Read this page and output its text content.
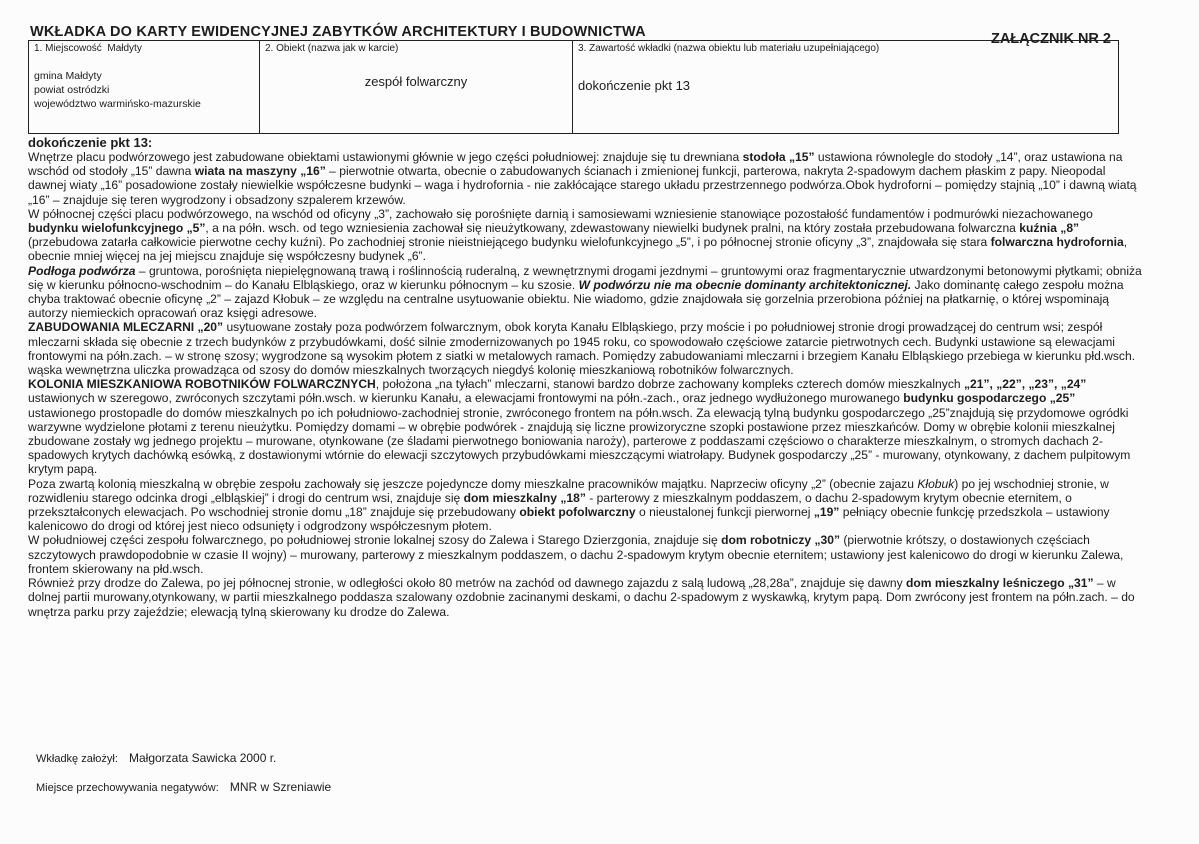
WKŁADKA DO KARTY EWIDENCYJNEJ ZABYTKÓW ARCHITEKTURY I BUDOWNICTWA	ZAŁĄCZNIK NR 2
1. Miejscowość Małdyty
gmina Małdyty
powiat ostródzki
województwo warmińsko-mazurskie
2. Obiekt (nazwa jak w karcie)
zespół folwarczny
3. Zawartość wkładki (nazwa obiektu lub materiału uzupełniającego)
dokończenie pkt 13
dokończenie pkt 13:

Wnętrze placu podwórzowego jest zabudowane obiektami ustawionymi głównie w jego części południowej: znajduje się tu drewniana stodoła „15” ustawiona równolegle do stodoły „14”, oraz ustawiona na wschód od stodoły „15” dawna wiata na maszyny „16” – pierwotnie otwarta, obecnie o zabudowanych ścianach i zmienionej funkcji, parterowa, nakryta 2-spadowym dachem płaskim z papy. Nieopodal dawnej wiaty „16” posadowione zostały niewielkie współczesne budynki – waga i hydrofornia - nie zakłócające starego układu przestrzennego podwórza.Obok hydroforni – pomiędzy stajnią „10” i dawną wiatą „16” – znajduje się teren wygrodzony i obsadzony szpalerem krzewów.

W północnej części placu podwórzowego, na wschód od oficyny „3”, zachowało się porośnięte darnią i samosiewami wzniesienie stanowiące pozostałość fundamentów i podmurówki niezachowanego budynku wielofunkcyjnego „5”, a na półn. wsch. od tego wzniesienia zachował się nieużytkowany, zdewastowany niewielki budynek pralni, na który została przebudowana folwarczna kuźnia „8” (przebudowa zatarła całkowicie pierwotne cechy kuźni). Po zachodniej stronie nieistniejącego budynku wielofunkcyjnego „5”, i po północnej stronie oficyny „3”, znajdowała się stara folwarczna hydrofornia, obecnie mniej więcej na jej miejscu znajduje się współczesny budynek „6”.

Podłoga podwórza – gruntowa, porośnięta niepielęgnowaną trawą i roślinnością ruderalną, z wewnętrznymi drogami jezdnymi – gruntowymi oraz fragmentarycznie utwardzonymi betonowymi płytkami; obniża się w kierunku północno-wschodnim – do Kanału Elbląskiego, oraz w kierunku północnym – ku szosie. W podwórzu nie ma obecnie dominanty architektonicznej. Jako dominantę całego zespołu można chyba traktować obecnie oficynę „2” – zajazd Kłobuk – ze względu na centralne usytuowanie obiektu. Nie wiadomo, gdzie znajdowała się gorzelnia przerobiona później na płatkarnię, o której wspominają autorzy niemieckich opracowań oraz księgi adresowe.

ZABUDOWANIA MLECZARNI „20” usytuowane zostały poza podwórzem folwarcznym, obok koryta Kanału Elbląskiego, przy moście i po południowej stronie drogi prowadzącej do centrum wsi; zespół mleczarni składa się obecnie z trzech budynków z przybudówkami, dość silnie zmodernizowanych po 1945 roku, co spowodowało częściowe zatarcie pietrwotnych cech. Budynki ustawione są elewacjami frontowymi na półn.zach. – w stronę szosy; wygrodzone są wysokim płotem z siatki w metalowych ramach. Pomiędzy zabudowaniami mleczarni i brzegiem Kanału Elbląskiego przebiega w kierunku płd.wsch. wąska wewnętrzna uliczka prowadząca od szosy do domów mieszkalnych tworzących niegdyś kolonię mieszkaniową robotników folwarcznych.

KOLONIA MIESZKANIOWA ROBOTNIKÓW FOLWARCZNYCH, położona „na tyłach” mleczarni, stanowi bardzo dobrze zachowany kompleks czterech domów mieszkalnych „21”, „22”, „23”, „24” ustawionych w szeregowo, zwróconych szczytami półn.wsch. w kierunku Kanału, a elewacjami frontowymi na półn.-zach., oraz jednego wydłużonego murowanego budynku gospodarczego „25” ustawionego prostopadle do domów mieszkalnych po ich południowo-zachodniej stronie, zwróconego frontem na półn.wsch. Za elewacją tylną budynku gospodarczego „25”znajdują się przydomowe ogródki warzywne wydzielone płotami z terenu nieużytku. Pomiędzy domami – w obrębie podwórek - znajdują się liczne prowizoryczne szopki postawione przez mieszkańców. Domy w obrębie kolonii mieszkalnej zbudowane zostały wg jednego projektu – murowane, otynkowane (ze śladami pierwotnego boniowania naroży), parterowe z poddaszami częściowo o charakterze mieszkalnym, o stromych dachach 2-spadowych krytych dachówką esówką, z dostawionymi wtórnie do elewacji szczytowych przybudówkami mieszczącymi wiatrołapy. Budynek gospodarczy „25” - murowany, otynkowany, z dachem pulpitowym krytym papą.

Poza zwartą kolonią mieszkalną w obrębie zespołu zachowały się jeszcze pojedyncze domy mieszkalne pracowników majątku. Naprzeciw oficyny „2” (obecnie zajazu Kłobuk) po jej wschodniej stronie, w rozwidleniu starego odcinka drogi „elbląskiej” i drogi do centrum wsi, znajduje się dom mieszkalny „18” - parterowy z mieszkalnym poddaszem, o dachu 2-spadowym krytym obecnie eternitem, o przekształconych elewacjach. Po wschodniej stronie domu „18” znajduje się przebudowany obiekt pofolwarczny o nieustalonej funkcji pierwornej „19” pełniący obecnie funkcję przedszkola – ustawiony kalenicowo do drogi od której jest nieco odsunięty i odgrodzony współczesnym płotem.

W południowej części zespołu folwarcznego, po południowej stronie lokalnej szosy do Zalewa i Starego Dzierzgonia, znajduje się dom robotniczy „30” (pierwotnie krótszy, o dostawionych częściach szczytowych prawdopodobnie w czasie II wojny) – murowany, parterowy z mieszkalnym poddaszem, o dachu 2-spadowym krytym obecnie eternitem; ustawiony jest kalenicowo do drogi w kierunku Zalewa, frontem skierowany na płd.wsch.

Również przy drodze do Zalewa, po jej północnej stronie, w odległości około 80 metrów na zachód od dawnego zajazdu z salą ludową „28,28a”, znajduje się dawny dom mieszkalny leśniczego „31” – w dolnej partii murowany,otynkowany, w partii mieszkalnego poddasza szalowany ozdobnie zacinanymi deskami, o dachu 2-spadowym z wyskawką, krytym papą. Dom zwrócony jest frontem na półn.zach. – do wnętrza parku przy zajeździe; elewacją tylną skierowany ku drodze do Zalewa.

Wkładkę założył: Małgorzata Sawicka 2000 r.
Miejsce przechowywania negatywów: MNR w Szreniawie
